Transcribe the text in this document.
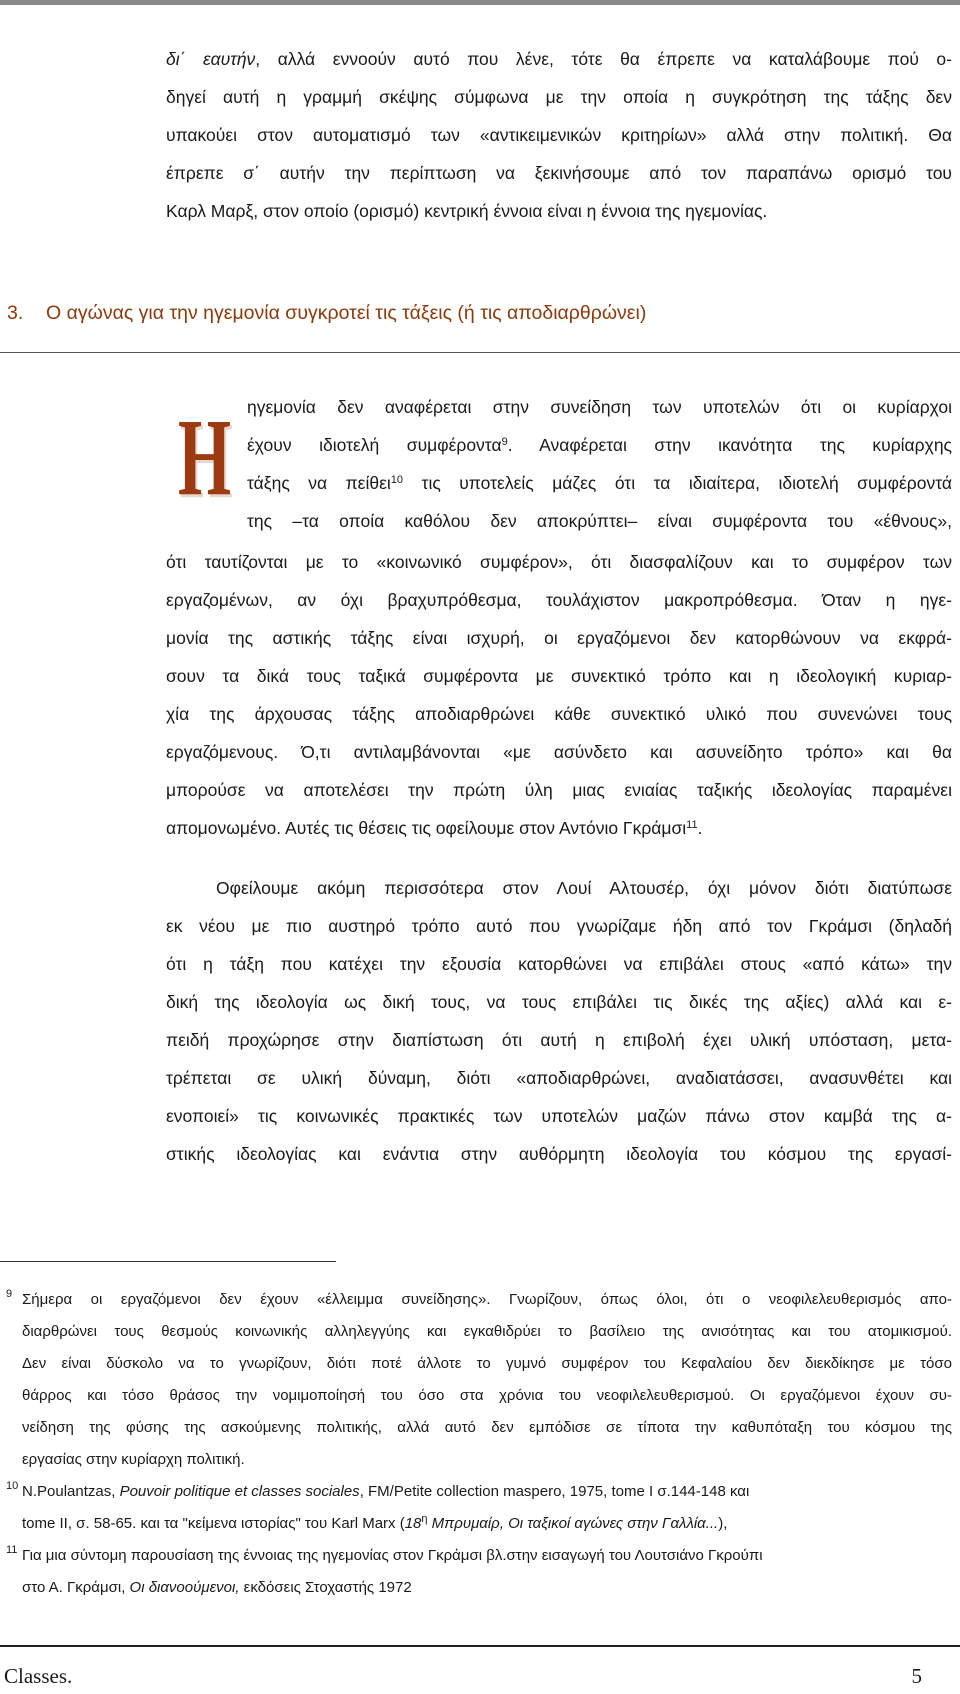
δι΄ εαυτήν, αλλά εννοούν αυτό που λένε, τότε θα έπρεπε να καταλάβουμε πού ο-
δηγεί αυτή η γραμμή σκέψης σύμφωνα με την οποία η συγκρότηση της τάξης δεν
υπακούει στον αυτοματισμό των «αντικειμενικών κριτηρίων» αλλά στην πολιτική. Θα
έπρεπε σ΄ αυτήν την περίπτωση να ξεκινήσουμε από τον παραπάνω ορισμό του
Καρλ Μαρξ, στον οποίο (ορισμό) κεντρική έννοια είναι η έννοια της ηγεμονίας.
3. Ο αγώνας για την ηγεμονία συγκροτεί τις τάξεις (ή τις αποδιαρθρώνει)
Η ηγεμονία δεν αναφέρεται στην συνείδηση των υποτελών ότι οι κυρίαρχοι
έχουν ιδιοτελή συμφέροντα$^9$. Αναφέρεται στην ικανότητα της κυρίαρχης
τάξης να πείθει$^{10}$ τις υποτελείς μάζες ότι τα ιδιαίτερα, ιδιοτελή συμφέροντά
της –τα οποία καθόλου δεν αποκρύπτει– είναι συμφέροντα του «έθνους»,
ότι ταυτίζονται με το «κοινωνικό συμφέρον», ότι διασφαλίζουν και το συμφέρον των
εργαζομένων, αν όχι βραχυπρόθεσμα, τουλάχιστον μακροπρόθεσμα. Όταν η ηγε-
μονία της αστικής τάξης είναι ισχυρή, οι εργαζόμενοι δεν κατορθώνουν να εκφρά-
σουν τα δικά τους ταξικά συμφέροντα με συνεκτικό τρόπο και η ιδεολογική κυριαρ-
χία της άρχουσας τάξης αποδιαρθρώνει κάθε συνεκτικό υλικό που συνενώνει τους
εργαζόμενους. Ό,τι αντιλαμβάνονται «με ασύνδετο και ασυνείδητο τρόπο» και θα
μπορούσε να αποτελέσει την πρώτη ύλη μιας ενιαίας ταξικής ιδεολογίας παραμένει
απομονωμένο. Αυτές τις θέσεις τις οφείλουμε στον Αντόνιο Γκράμσι$^{11}$.
Οφείλουμε ακόμη περισσότερα στον Λουί Αλτουσέρ, όχι μόνον διότι διατύπωσε
εκ νέου με πιο αυστηρό τρόπο αυτό που γνωρίζαμε ήδη από τον Γκράμσι (δηλαδή
ότι η τάξη που κατέχει την εξουσία κατορθώνει να επιβάλει στους «από κάτω» την
δική της ιδεολογία ως δική τους, να τους επιβάλει τις δικές της αξίες) αλλά και ε-
πειδή προχώρησε στην διαπίστωση ότι αυτή η επιβολή έχει υλική υπόσταση, μετα-
τρέπεται σε υλική δύναμη, διότι «αποδιαρθρώνει, αναδιατάσσει, ανασυνθέτει και
ενοποιεί» τις κοινωνικές πρακτικές των υποτελών μαζών πάνω στον καμβά της α-
στικής ιδεολογίας και ενάντια στην αυθόρμητη ιδεολογία του κόσμου της εργασί-
9 Σήμερα οι εργαζόμενοι δεν έχουν «έλλειμμα συνείδησης». Γνωρίζουν, όπως όλοι, ότι ο νεοφιλελευθερισμός απο-
διαρθρώνει τους θεσμούς κοινωνικής αλληλεγγύης και εγκαθιδρύει το βασίλειο της ανισότητας και του ατομικισμού.
Δεν είναι δύσκολο να το γνωρίζουν, διότι ποτέ άλλοτε το γυμνό συμφέρον του Κεφαλαίου δεν διεκδίκησε με τόσο
θάρρος και τόσο θράσος την νομιμοποίησή του όσο στα χρόνια του νεοφιλελευθερισμού. Οι εργαζόμενοι έχουν συ-
νείδηση της φύσης της ασκούμενης πολιτικής, αλλά αυτό δεν εμπόδισε σε τίποτα την καθυπόταξη του κόσμου της
εργασίας στην κυρίαρχη πολιτική.
10 N.Poulantzas, Pouvoir politique et classes sociales, FM/Petite collection maspero, 1975, tome I σ.144-148 και
tome II, σ. 58-65. και τα "κείμενα ιστορίας" του Karl Marx ($18^\eta$ Μπρυμαίρ, Οι ταξικοί αγώνες στην Γαλλία...),
11 Για μια σύντομη παρουσίαση της έννοιας της ηγεμονίας στον Γκράμσι βλ.στην εισαγωγή του Λουτσιάνο Γκρούπι
στο Α. Γκράμσι, Οι διανοούμενοι, εκδόσεις Στοχαστής 1972
Classes.	5
